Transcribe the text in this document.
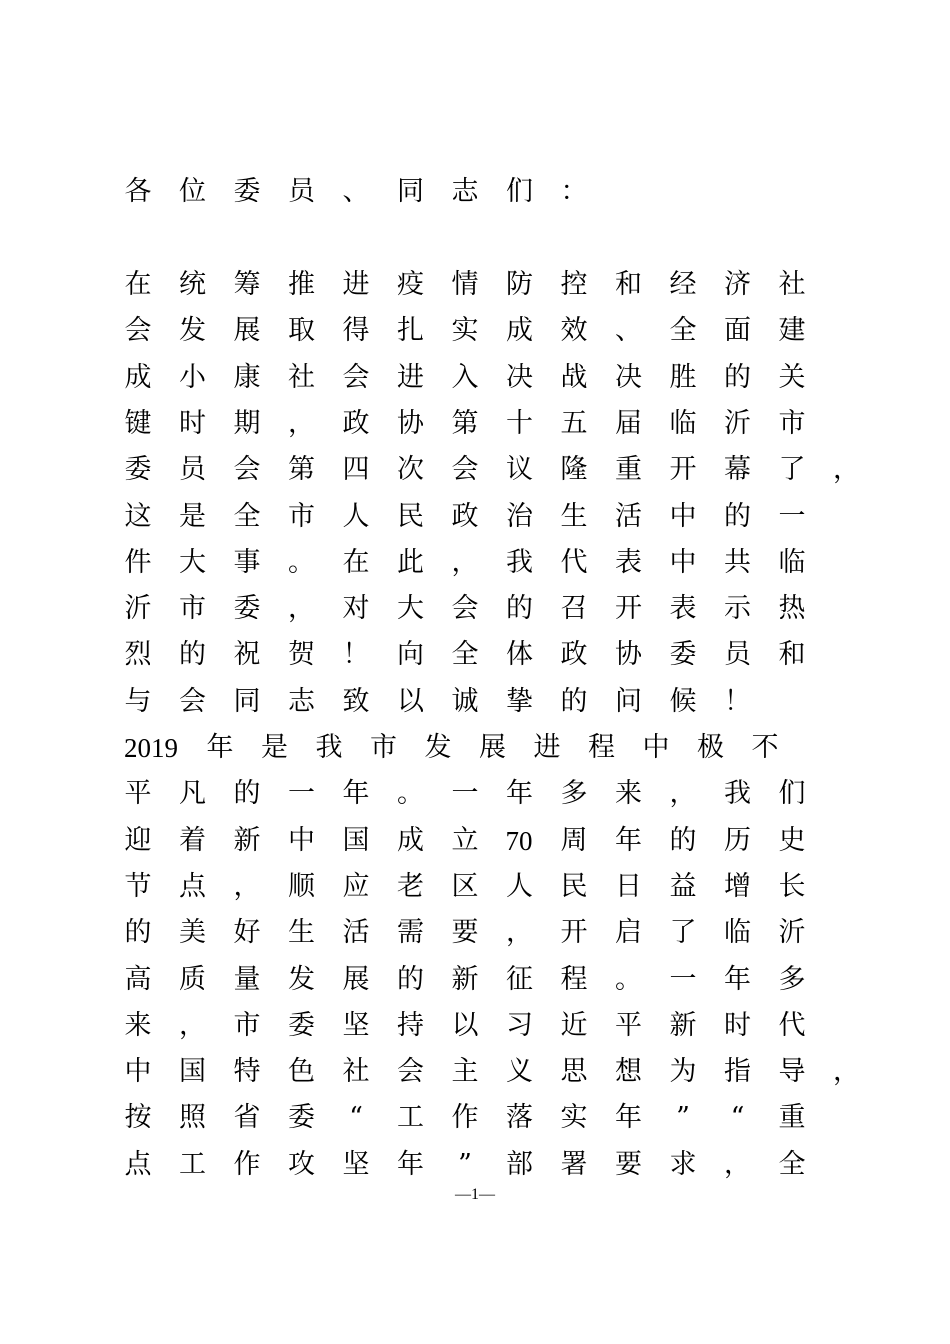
各 位 委 员 、 同 志 们 ：
在 统 筹 推 进 疫 情 防 控 和 经 济 社
会 发 展 取 得 扎 实 成 效 、 全 面 建
成 小 康 社 会 进 入 决 战 决 胜 的 关
键 时 期 ， 政 协 第 十 五 届 临 沂 市
委 员 会 第 四 次 会 议 隆 重 开 幕 了 ，
这 是 全 市 人 民 政 治 生 活 中 的 一
件 大 事 。 在 此 ， 我 代 表 中 共 临
沂 市 委 ， 对 大 会 的 召 开 表 示 热
烈 的 祝 贺 ！ 向 全 体 政 协 委 员 和
与 会 同 志 致 以 诚 挚 的 问 候 ！
2019 年 是 我 市 发 展 进 程 中 极 不
平 凡 的 一 年 。 一 年 多 来 ， 我 们
迎 着 新 中 国 成 立 70 周 年 的 历 史
节 点 ， 顺 应 老 区 人 民 日 益 增 长
的 美 好 生 活 需 要 ， 开 启 了 临 沂
高 质 量 发 展 的 新 征 程 。 一 年 多
来 ， 市 委 坚 持 以 习 近 平 新 时 代
中 国 特 色 社 会 主 义 思 想 为 指 导 ，
按 照 省 委 “ 工 作 落 实 年 ” “ 重
点 工 作 攻 坚 年 ” 部 署 要 求 ， 全
—1—
